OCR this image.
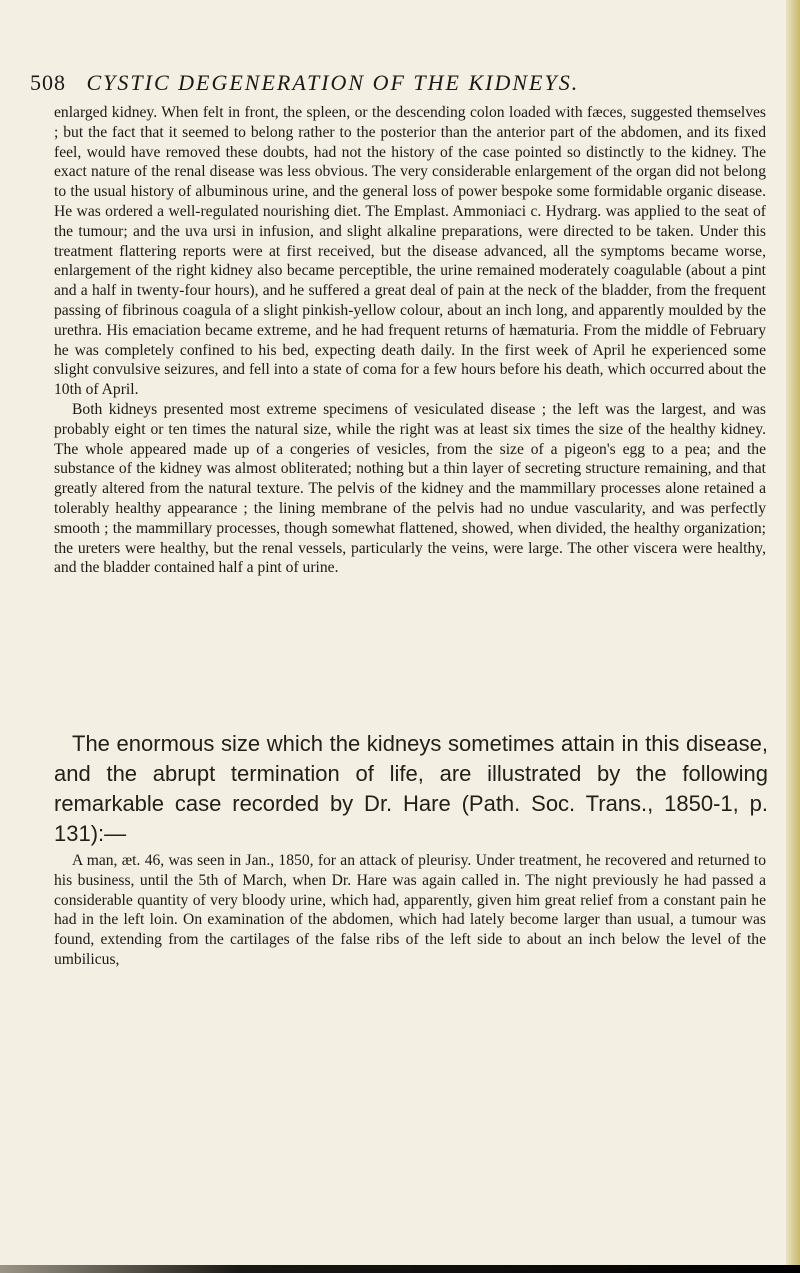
508 CYSTIC DEGENERATION OF THE KIDNEYS.

enlarged kidney. When felt in front, the spleen, or the descending colon loaded with fæces, suggested themselves ; but the fact that it seemed to belong rather to the posterior than the anterior part of the abdomen, and its fixed feel, would have removed these doubts, had not the history of the case pointed so distinctly to the kidney. The exact nature of the renal disease was less obvious. The very considerable enlargement of the organ did not belong to the usual history of albuminous urine, and the general loss of power bespoke some formidable organic disease. He was ordered a well-regulated nourishing diet. The Emplast. Ammoniaci c. Hydrarg. was applied to the seat of the tumour; and the uva ursi in infusion, and slight alkaline preparations, were directed to be taken. Under this treatment flattering reports were at first received, but the disease advanced, all the symptoms became worse, enlargement of the right kidney also became perceptible, the urine remained moderately coagulable (about a pint and a half in twenty-four hours), and he suffered a great deal of pain at the neck of the bladder, from the frequent passing of fibrinous coagula of a slight pinkish-yellow colour, about an inch long, and apparently moulded by the urethra. His emaciation became extreme, and he had frequent returns of hæmaturia. From the middle of February he was completely confined to his bed, expecting death daily. In the first week of April he experienced some slight convulsive seizures, and fell into a state of coma for a few hours before his death, which occurred about the 10th of April.

Both kidneys presented most extreme specimens of vesiculated disease ; the left was the largest, and was probably eight or ten times the natural size, while the right was at least six times the size of the healthy kidney. The whole appeared made up of a congeries of vesicles, from the size of a pigeon's egg to a pea; and the substance of the kidney was almost obliterated; nothing but a thin layer of secreting structure remaining, and that greatly altered from the natural texture. The pelvis of the kidney and the mammillary processes alone retained a tolerably healthy appearance ; the lining membrane of the pelvis had no undue vascularity, and was perfectly smooth ; the mammillary processes, though somewhat flattened, showed, when divided, the healthy organization; the ureters were healthy, but the renal vessels, particularly the veins, were large. The other viscera were healthy, and the bladder contained half a pint of urine.

The enormous size which the kidneys sometimes attain in this disease, and the abrupt termination of life, are illustrated by the following remarkable case recorded by Dr. Hare (Path. Soc. Trans., 1850-1, p. 131):—

A man, æt. 46, was seen in Jan., 1850, for an attack of pleurisy. Under treatment, he recovered and returned to his business, until the 5th of March, when Dr. Hare was again called in. The night previously he had passed a considerable quantity of very bloody urine, which had, apparently, given him great relief from a constant pain he had in the left loin. On examination of the abdomen, which had lately become larger than usual, a tumour was found, extending from the cartilages of the false ribs of the left side to about an inch below the level of the umbilicus,
